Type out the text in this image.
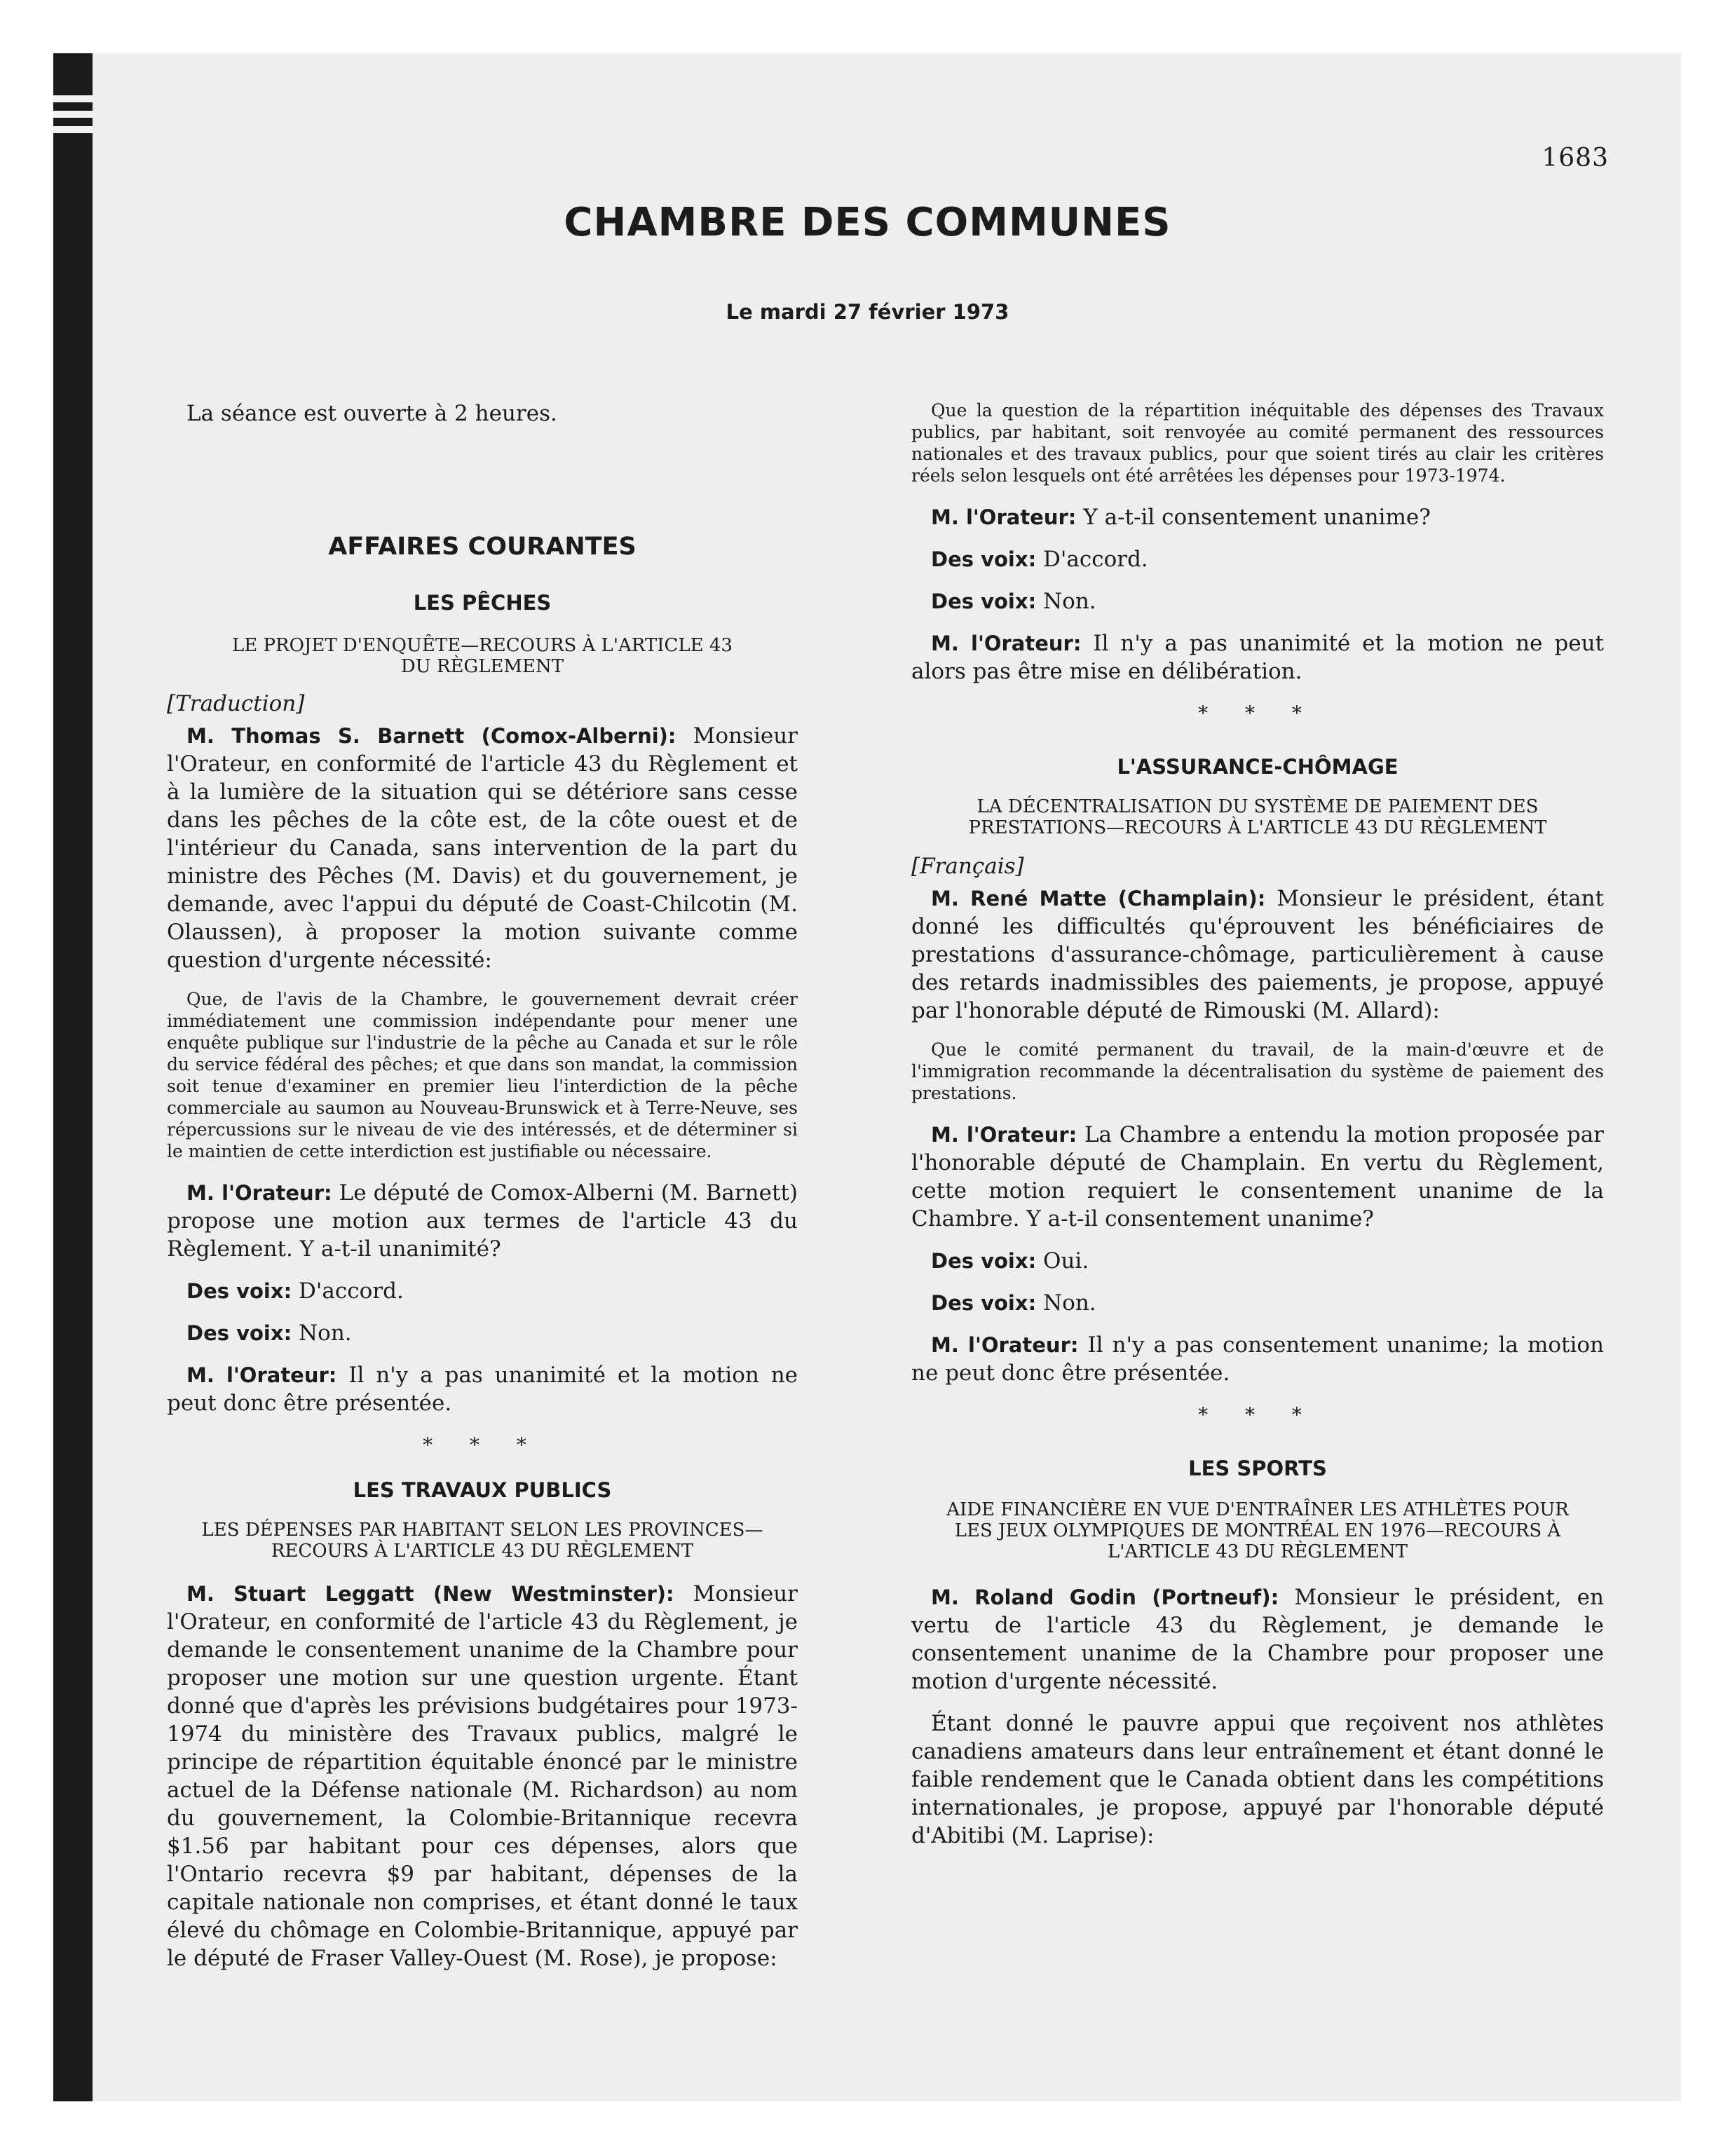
1683
CHAMBRE DES COMMUNES
Le mardi 27 février 1973

La séance est ouverte à 2 heures.

AFFAIRES COURANTES
LES PÊCHES

LE PROJET D'ENQUÊTE—RECOURS À L'ARTICLE 43 DU RÈGLEMENT

[Traduction]

M. Thomas S. Barnett (Comox-Alberni): Monsieur l'Orateur, en conformité de l'article 43 du Règlement et à la lumière de la situation qui se détériore sans cesse dans les pêches de la côte est, de la côte ouest et de l'intérieur du Canada, sans intervention de la part du ministre des Pêches (M. Davis) et du gouvernement, je demande, avec l'appui du député de Coast-Chilcotin (M. Olaussen), à proposer la motion suivante comme question d'urgente nécessité:

Que, de l'avis de la Chambre, le gouvernement devrait créer immédiatement une commission indépendante pour mener une enquête publique sur l'industrie de la pêche au Canada et sur le rôle du service fédéral des pêches; et que dans son mandat, la commission soit tenue d'examiner en premier lieu l'interdiction de la pêche commerciale au saumon au Nouveau-Brunswick et à Terre-Neuve, ses répercussions sur le niveau de vie des intéressés, et de déterminer si le maintien de cette interdiction est justifiable ou nécessaire.

M. l'Orateur: Le député de Comox-Alberni (M. Barnett) propose une motion aux termes de l'article 43 du Règlement. Y a-t-il unanimité?

Des voix: D'accord.

Des voix: Non.

M. l'Orateur: Il n'y a pas unanimité et la motion ne peut donc être présentée.

* * *

LES TRAVAUX PUBLICS

LES DÉPENSES PAR HABITANT SELON LES PROVINCES—RECOURS À L'ARTICLE 43 DU RÈGLEMENT

M. Stuart Leggatt (New Westminster): Monsieur l'Orateur, en conformité de l'article 43 du Règlement, je demande le consentement unanime de la Chambre pour proposer une motion sur une question urgente. Étant donné que d'après les prévisions budgétaires pour 1973-1974 du ministère des Travaux publics, malgré le principe de répartition équitable énoncé par le ministre actuel de la Défense nationale (M. Richardson) au nom du gouvernement, la Colombie-Britannique recevra $1.56 par habitant pour ces dépenses, alors que l'Ontario recevra $9 par habitant, dépenses de la capitale nationale non comprises, et étant donné le taux élevé du chômage en Colombie-Britannique, appuyé par le député de Fraser Valley-Ouest (M. Rose), je propose:

Que la question de la répartition inéquitable des dépenses des Travaux publics, par habitant, soit renvoyée au comité permanent des ressources nationales et des travaux publics, pour que soient tirés au clair les critères réels selon lesquels ont été arrêtées les dépenses pour 1973-1974.

M. l'Orateur: Y a-t-il consentement unanime?

Des voix: D'accord.

Des voix: Non.

M. l'Orateur: Il n'y a pas unanimité et la motion ne peut alors pas être mise en délibération.

* * *

L'ASSURANCE-CHÔMAGE

LA DÉCENTRALISATION DU SYSTÈME DE PAIEMENT DES PRESTATIONS—RECOURS À L'ARTICLE 43 DU RÈGLEMENT

[Français]

M. René Matte (Champlain): Monsieur le président, étant donné les difficultés qu'éprouvent les bénéficiaires de prestations d'assurance-chômage, particulièrement à cause des retards inadmissibles des paiements, je propose, appuyé par l'honorable député de Rimouski (M. Allard):

Que le comité permanent du travail, de la main-d'œuvre et de l'immigration recommande la décentralisation du système de paiement des prestations.

M. l'Orateur: La Chambre a entendu la motion proposée par l'honorable député de Champlain. En vertu du Règlement, cette motion requiert le consentement unanime de la Chambre. Y a-t-il consentement unanime?

Des voix: Oui.

Des voix: Non.

M. l'Orateur: Il n'y a pas consentement unanime; la motion ne peut donc être présentée.

* * *

LES SPORTS

AIDE FINANCIÈRE EN VUE D'ENTRAÎNER LES ATHLÈTES POUR LES JEUX OLYMPIQUES DE MONTRÉAL EN 1976—RECOURS À L'ARTICLE 43 DU RÈGLEMENT

M. Roland Godin (Portneuf): Monsieur le président, en vertu de l'article 43 du Règlement, je demande le consentement unanime de la Chambre pour proposer une motion d'urgente nécessité.

Étant donné le pauvre appui que reçoivent nos athlètes canadiens amateurs dans leur entraînement et étant donné le faible rendement que le Canada obtient dans les compétitions internationales, je propose, appuyé par l'honorable député d'Abitibi (M. Laprise):
